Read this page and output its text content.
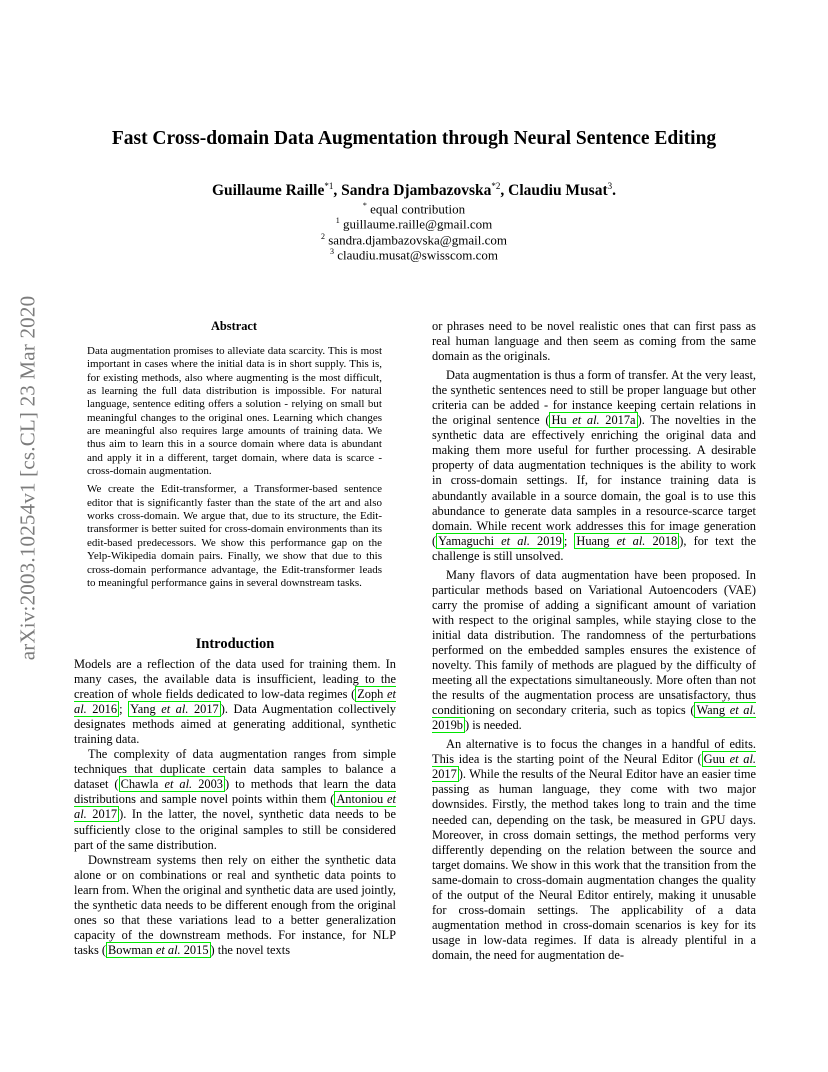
Fast Cross-domain Data Augmentation through Neural Sentence Editing
Guillaume Raille$^{*1}$, Sandra Djambazovska$^{*2}$, Claudiu Musat$^3$.
* equal contribution
$^1$ guillaume.raille@gmail.com
$^2$ sandra.djambazovska@gmail.com
$^3$ claudiu.musat@swisscom.com
arXiv:2003.10254v1 [cs.CL] 23 Mar 2020	Abstract

Data augmentation promises to alleviate data scarcity. This is most important in cases where the initial data is in short supply. This is, for existing methods, also where augmenting is the most difficult, as learning the full data distribution is impossible. For natural language, sentence editing offers a solution - relying on small but meaningful changes to the original ones. Learning which changes are meaningful also requires large amounts of training data. We thus aim to learn this in a source domain where data is abundant and apply it in a different, target domain, where data is scarce - cross-domain augmentation.

We create the Edit-transformer, a Transformer-based sentence editor that is significantly faster than the state of the art and also works cross-domain. We argue that, due to its structure, the Edit-transformer is better suited for cross-domain environments than its edit-based predecessors. We show this performance gap on the Yelp-Wikipedia domain pairs. Finally, we show that due to this cross-domain performance advantage, the Edit-transformer leads to meaningful performance gains in several downstream tasks.

Introduction

Models are a reflection of the data used for training them. In many cases, the available data is insufficient, leading to the creation of whole fields dedicated to low-data regimes ( Zoph et al. 2016 ; Yang et al. 2017 ). Data Augmentation collectively designates methods aimed at generating additional, synthetic training data.

The complexity of data augmentation ranges from simple techniques that duplicate certain data samples to balance a dataset ( Chawla et al. 2003 ) to methods that learn the data distributions and sample novel points within them ( Antoniou et al. 2017 ). In the latter, the novel, synthetic data needs to be sufficiently close to the original samples to still be considered part of the same distribution.

Downstream systems then rely on either the synthetic data alone or on combinations or real and synthetic data points to learn from. When the original and synthetic data are used jointly, the synthetic data needs to be different enough from the original ones so that these variations lead to a better generalization capacity of the downstream methods. For instance, for NLP tasks ( Bowman et al. 2015 ) the novel texts

or phrases need to be novel realistic ones that can first pass as real human language and then seem as coming from the same domain as the originals.

Data augmentation is thus a form of transfer. At the very least, the synthetic sentences need to still be proper language but other criteria can be added - for instance keeping certain relations in the original sentence ( Hu et al. 2017a ). The novelties in the synthetic data are effectively enriching the original data and making them more useful for further processing. A desirable property of data augmentation techniques is the ability to work in cross-domain settings. If, for instance training data is abundantly available in a source domain, the goal is to use this abundance to generate data samples in a resource-scarce target domain. While recent work addresses this for image generation ( Yamaguchi et al. 2019 ; Huang et al. 2018 ), for text the challenge is still unsolved.

Many flavors of data augmentation have been proposed. In particular methods based on Variational Autoencoders (VAE) carry the promise of adding a significant amount of variation with respect to the original samples, while staying close to the initial data distribution. The randomness of the perturbations performed on the embedded samples ensures the existence of novelty. This family of methods are plagued by the difficulty of meeting all the expectations simultaneously. More often than not the results of the augmentation process are unsatisfactory, thus conditioning on secondary criteria, such as topics ( Wang et al. 2019b ) is needed.

An alternative is to focus the changes in a handful of edits. This idea is the starting point of the Neural Editor ( Guu et al. 2017 ). While the results of the Neural Editor have an easier time passing as human language, they come with two major downsides. Firstly, the method takes long to train and the time needed can, depending on the task, be measured in GPU days. Moreover, in cross domain settings, the method performs very differently depending on the relation between the source and target domains. We show in this work that the transition from the same-domain to cross-domain augmentation changes the quality of the output of the Neural Editor entirely, making it unusable for cross-domain settings. The applicability of a data augmentation method in cross-domain scenarios is key for its usage in low-data regimes. If data is already plentiful in a domain, the need for augmentation de-
